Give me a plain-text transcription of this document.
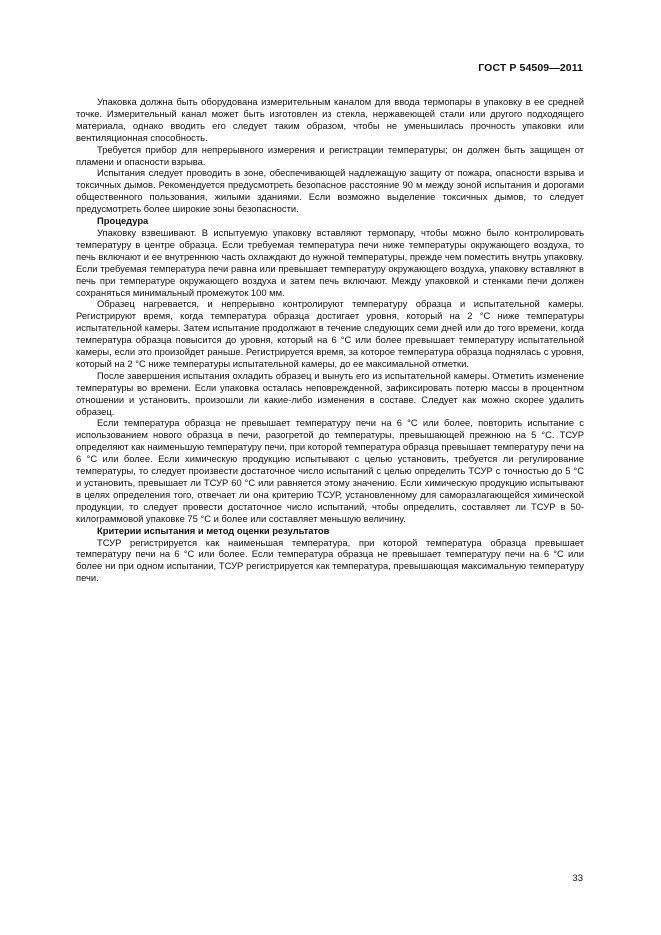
ГОСТ Р 54509—2011

Упаковка должна быть оборудована измерительным каналом для ввода термопары в упаковку в ее средней точке. Измерительный канал может быть изготовлен из стекла, нержавеющей стали или другого подходящего материала, однако вводить его следует таким образом, чтобы не уменьшилась прочность упаковки или вентиляционная способность.

Требуется прибор для непрерывного измерения и регистрации температуры; он должен быть защищен от пламени и опасности взрыва.

Испытания следует проводить в зоне, обеспечивающей надлежащую защиту от пожара, опасности взрыва и токсичных дымов. Рекомендуется предусмотреть безопасное расстояние 90 м между зоной испытания и дорогами общественного пользования, жилыми зданиями. Если возможно выделение токсичных дымов, то следует предусмотреть более широкие зоны безопасности.

Процедура

Упаковку взвешивают. В испытуемую упаковку вставляют термопару, чтобы можно было контролировать температуру в центре образца. Если требуемая температура печи ниже температуры окружающего воздуха, то печь включают и ее внутреннюю часть охлаждают до нужной температуры, прежде чем поместить внутрь упаковку. Если требуемая температура печи равна или превышает температуру окружающего воздуха, упаковку вставляют в печь при температуре окружающего воздуха и затем печь включают. Между упаковкой и стенками печи должен сохраняться минимальный промежуток 100 мм.

Образец нагревается, и непрерывно контролируют температуру образца и испытательной камеры. Регистрируют время, когда температура образца достигает уровня, который на 2 °С ниже температуры испытательной камеры. Затем испытание продолжают в течение следующих семи дней или до того времени, когда температура образца повысится до уровня, который на 6 °С или более превышает температуру испытательной камеры, если это произойдет раньше. Регистрируется время, за которое температура образца поднялась с уровня, который на 2 °С ниже температуры испытательной камеры, до ее максимальной отметки.

После завершения испытания охладить образец и вынуть его из испытательной камеры. Отметить изменение температуры во времени. Если упаковка осталась неповрежденной, зафиксировать потерю массы в процентном отношении и установить, произошли ли какие-либо изменения в составе. Следует как можно скорее удалить образец.

Если температура образца не превышает температуру печи на 6 °С или более, повторить испытание с использованием нового образца в печи, разогретой до температуры, превышающей прежнюю на 5 °С. ТСУР определяют как наименьшую температуру печи, при которой температура образца превышает температуру печи на 6 °С или более. Если химическую продукцию испытывают с целью установить, требуется ли регулирование температуры, то следует произвести достаточное число испытаний с целью определить ТСУР с точностью до 5 °С и установить, превышает ли ТСУР 60 °С или равняется этому значению. Если химическую продукцию испытывают в целях определения того, отвечает ли она критерию ТСУР, установленному для саморазлагающейся химической продукции, то следует провести достаточное число испытаний, чтобы определить, составляет ли ТСУР в 50-килограммовой упаковке 75 °С и более или составляет меньшую величину.

Критерии испытания и метод оценки результатов

ТСУР регистрируется как наименьшая температура, при которой температура образца превышает температуру печи на 6 °С или более. Если температура образца не превышает температуру печи на 6 °С или более ни при одном испытании, ТСУР регистрируется как температура, превышающая максимальную температуру печи.

33
